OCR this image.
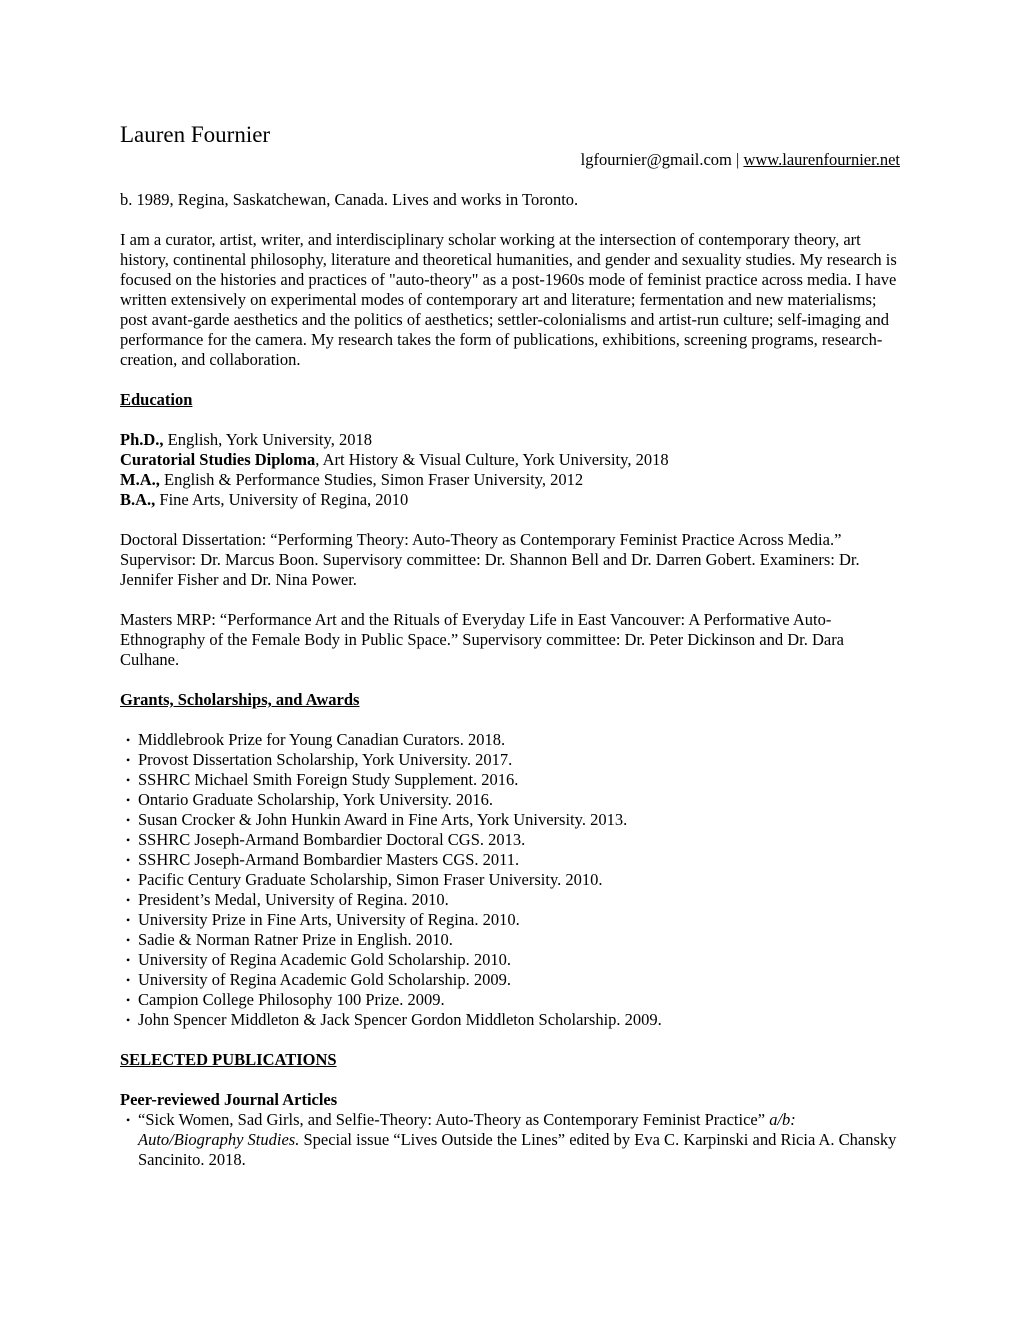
Lauren Fournier
lgfournier@gmail.com | www.laurenfournier.net

b. 1989, Regina, Saskatchewan, Canada. Lives and works in Toronto.

I am a curator, artist, writer, and interdisciplinary scholar working at the intersection of contemporary theory, art history, continental philosophy, literature and theoretical humanities, and gender and sexuality studies. My research is focused on the histories and practices of "auto-theory" as a post-1960s mode of feminist practice across media. I have written extensively on experimental modes of contemporary art and literature; fermentation and new materialisms; post avant-garde aesthetics and the politics of aesthetics; settler-colonialisms and artist-run culture; self-imaging and performance for the camera. My research takes the form of publications, exhibitions, screening programs, research-creation, and collaboration.

Education

Ph.D., English, York University, 2018

Curatorial Studies Diploma, Art History & Visual Culture, York University, 2018

M.A., English & Performance Studies, Simon Fraser University, 2012

B.A., Fine Arts, University of Regina, 2010

Doctoral Dissertation: “Performing Theory: Auto-Theory as Contemporary Feminist Practice Across Media.” Supervisor: Dr. Marcus Boon. Supervisory committee: Dr. Shannon Bell and Dr. Darren Gobert. Examiners: Dr. Jennifer Fisher and Dr. Nina Power.

Masters MRP: “Performance Art and the Rituals of Everyday Life in East Vancouver: A Performative Auto-Ethnography of the Female Body in Public Space.” Supervisory committee: Dr. Peter Dickinson and Dr. Dara Culhane.

Grants, Scholarships, and Awards
• Middlebrook Prize for Young Canadian Curators. 2018.
• Provost Dissertation Scholarship, York University. 2017.
• SSHRC Michael Smith Foreign Study Supplement. 2016.
• Ontario Graduate Scholarship, York University. 2016.
• Susan Crocker & John Hunkin Award in Fine Arts, York University. 2013.
• SSHRC Joseph-Armand Bombardier Doctoral CGS. 2013.
• SSHRC Joseph-Armand Bombardier Masters CGS. 2011.
• Pacific Century Graduate Scholarship, Simon Fraser University. 2010.
• President’s Medal, University of Regina. 2010.
• University Prize in Fine Arts, University of Regina. 2010.
• Sadie & Norman Ratner Prize in English. 2010.
• University of Regina Academic Gold Scholarship. 2010.
• University of Regina Academic Gold Scholarship. 2009.
• Campion College Philosophy 100 Prize. 2009.
• John Spencer Middleton & Jack Spencer Gordon Middleton Scholarship. 2009.
SELECTED PUBLICATIONS
Peer-reviewed Journal Articles
• “Sick Women, Sad Girls, and Selfie-Theory: Auto-Theory as Contemporary Feminist Practice” a/b: Auto/Biography Studies. Special issue “Lives Outside the Lines” edited by Eva C. Karpinski and Ricia A. Chansky Sancinito. 2018.
